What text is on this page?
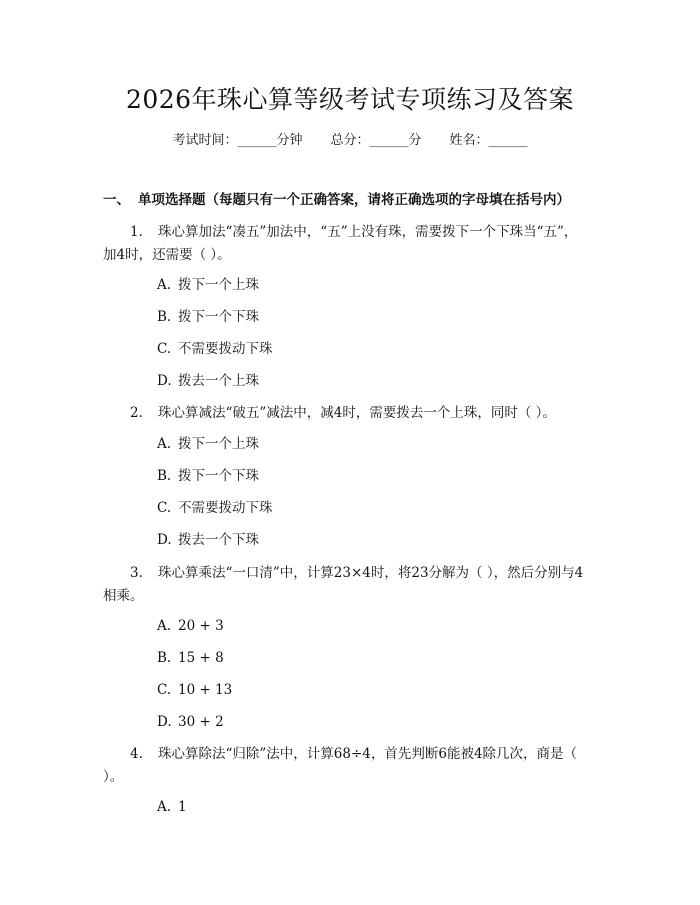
2026年珠心算等级考试专项练习及答案
考试时间：______分钟 总分：______分 姓名：______
一、 单项选择题（每题只有一个正确答案，请将正确选项的字母填在括号内）
1. 珠心算加法“凑五”加法中，“五”上没有珠，需要拨下一个下珠当“五”，加4时，还需要（ ）。
A. 拨下一个上珠
B. 拨下一个下珠
C. 不需要拨动下珠
D. 拨去一个上珠
2. 珠心算减法“破五”减法中，减4时，需要拨去一个上珠，同时（ ）。
A. 拨下一个上珠
B. 拨下一个下珠
C. 不需要拨动下珠
D. 拨去一个下珠
3. 珠心算乘法“一口清”中，计算23×4时，将23分解为（ ），然后分别与4相乘。
A. 20 + 3
B. 15 + 8
C. 10 + 13
D. 30 + 2
4. 珠心算除法“归除”法中，计算68÷4，首先判断6能被4除几次，商是（ ）。
A. 1
